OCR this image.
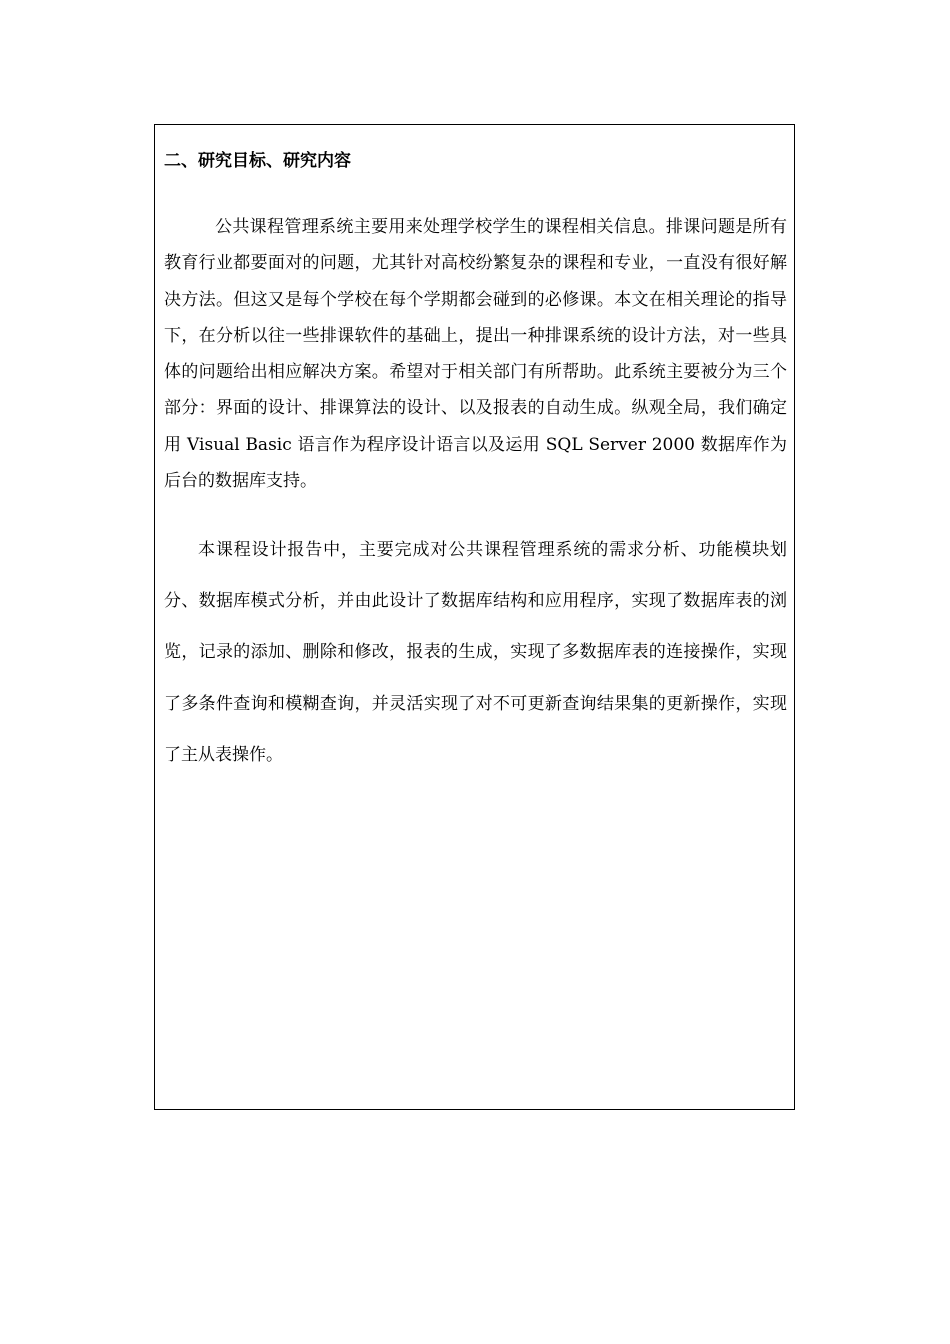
二、研究目标、研究内容

公共课程管理系统主要用来处理学校学生的课程相关信息。排课问题是所有教育行业都要面对的问题，尤其针对高校纷繁复杂的课程和专业，一直没有很好解决方法。但这又是每个学校在每个学期都会碰到的必修课。本文在相关理论的指导下，在分析以往一些排课软件的基础上，提出一种排课系统的设计方法，对一些具体的问题给出相应解决方案。希望对于相关部门有所帮助。此系统主要被分为三个部分：界面的设计、排课算法的设计、以及报表的自动生成。纵观全局，我们确定用 Visual Basic 语言作为程序设计语言以及运用 SQL Server 2000 数据库作为后台的数据库支持。

本课程设计报告中，主要完成对公共课程管理系统的需求分析、功能模块划分、数据库模式分析，并由此设计了数据库结构和应用程序，实现了数据库表的浏览，记录的添加、删除和修改，报表的生成，实现了多数据库表的连接操作，实现了多条件查询和模糊查询，并灵活实现了对不可更新查询结果集的更新操作，实现了主从表操作。
